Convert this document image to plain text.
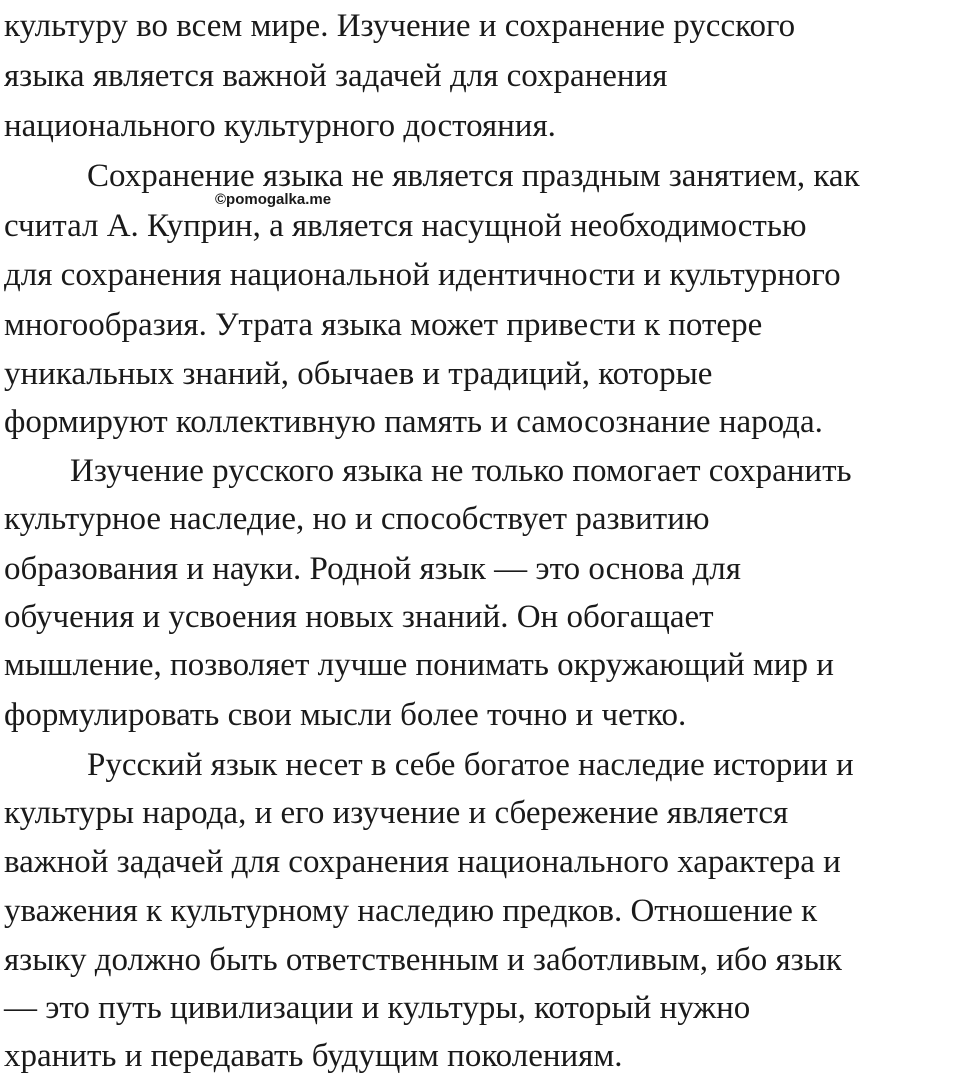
культуру во всем мире. Изучение и сохранение русского

языка является важной задачей для сохранения

национального культурного достояния.

Сохранение языка не является праздным занятием, как

считал А. Куприн, а является насущной необходимостью

для сохранения национальной идентичности и культурного

многообразия. Утрата языка может привести к потере

уникальных знаний, обычаев и традиций, которые

формируют коллективную память и самосознание народа.

Изучение русского языка не только помогает сохранить

культурное наследие, но и способствует развитию

образования и науки. Родной язык — это основа для

обучения и усвоения новых знаний. Он обогащает

мышление, позволяет лучше понимать окружающий мир и

формулировать свои мысли более точно и четко.

Русский язык несет в себе богатое наследие истории и

культуры народа, и его изучение и сбережение является

важной задачей для сохранения национального характера и

уважения к культурному наследию предков. Отношение к

языку должно быть ответственным и заботливым, ибо язык

— это путь цивилизации и культуры, который нужно

хранить и передавать будущим поколениям.

©pomogalka.me
